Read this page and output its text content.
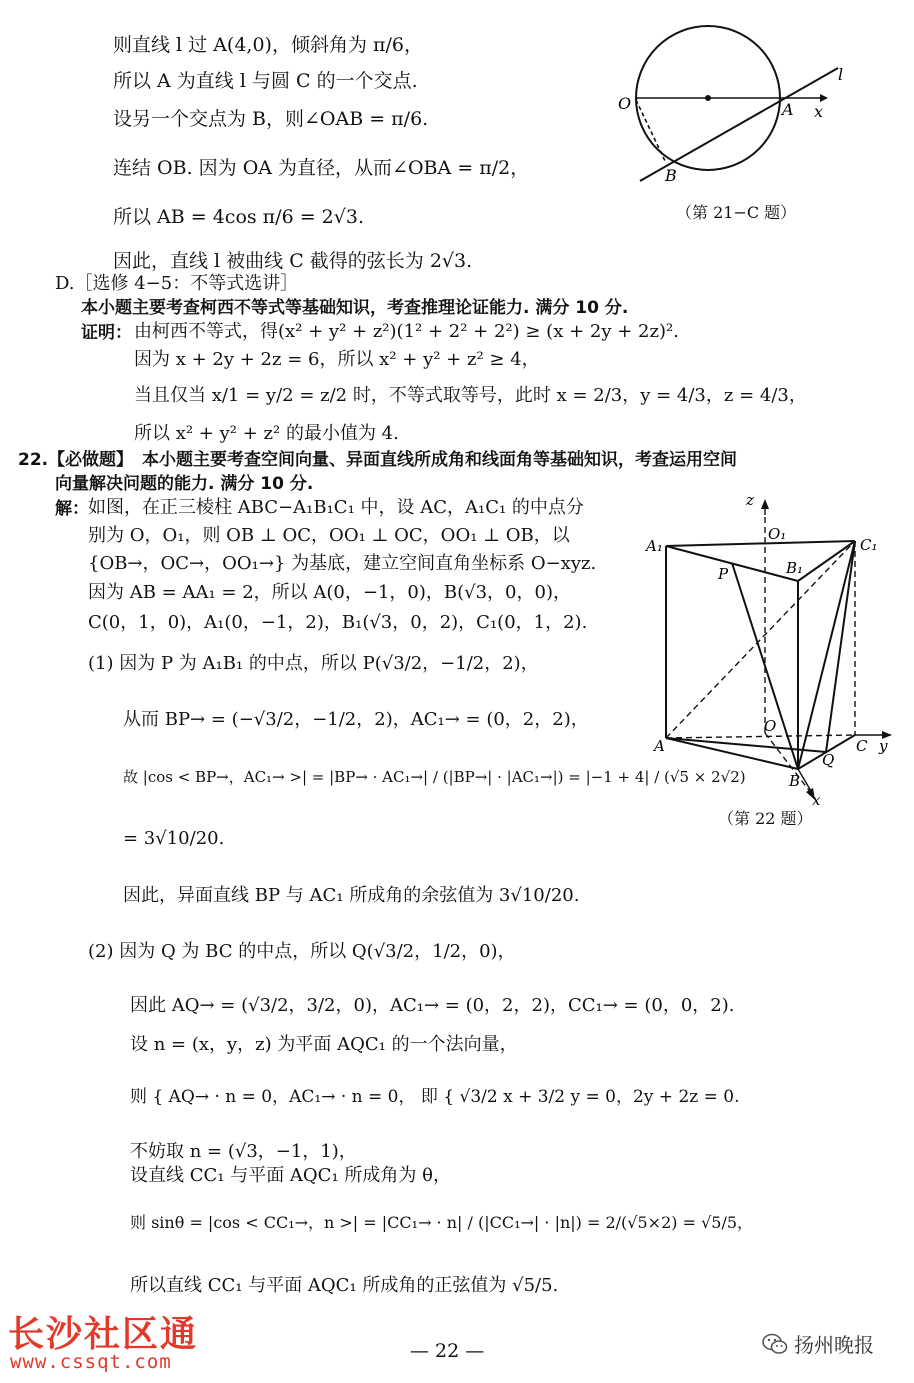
则直线 l 过 A(4,0)，倾斜角为 π/6，
所以 A 为直线 l 与圆 C 的一个交点.
设另一个交点为 B，则∠OAB = π/6.
连结 OB. 因为 OA 为直径，从而∠OBA = π/2，
所以 AB = 4cos π/6 = 2√3.
因此，直线 l 被曲线 C 截得的弦长为 2√3.
O	A
B
x
l
（第 21−C 题）
D.［选修 4−5：不等式选讲］
本小题主要考查柯西不等式等基础知识，考查推理论证能力. 满分 10 分.
证明： 由柯西不等式，得(x² + y² + z²)(1² + 2² + 2²) ≥ (x + 2y + 2z)².
因为 x + 2y + 2z = 6，所以 x² + y² + z² ≥ 4，
当且仅当 x/1 = y/2 = z/2 时，不等式取等号，此时 x = 2/3，y = 4/3，z = 4/3，
所以 x² + y² + z² 的最小值为 4.
22. 【必做题】 本小题主要考查空间向量、异面直线所成角和线面角等基础知识，考查运用空间
向量解决问题的能力. 满分 10 分.
解： 如图，在正三棱柱 ABC−A₁B₁C₁ 中，设 AC，A₁C₁ 的中点分
别为 O，O₁，则 OB ⊥ OC，OO₁ ⊥ OC，OO₁ ⊥ OB，以
{OB→，OC→，OO₁→} 为基底，建立空间直角坐标系 O−xyz.
因为 AB = AA₁ = 2，所以 A(0，−1，0)，B(√3，0，0)，
C(0，1，0)，A₁(0，−1，2)，B₁(√3，0，2)，C₁(0，1，2).
(1) 因为 P 为 A₁B₁ 的中点，所以 P(√3/2，−1/2，2)，
从而 BP→ = (−√3/2，−1/2，2)，AC₁→ = (0，2，2)，
故 |cos < BP→，AC₁→ >| = |BP→ · AC₁→| / (|BP→| · |AC₁→|) = |−1 + 4| / (√5 × 2√2)
= 3√10/20.
因此，异面直线 BP 与 AC₁ 所成角的余弦值为 3√10/20.
(2) 因为 Q 为 BC 的中点，所以 Q(√3/2，1/2，0)，
因此 AQ→ = (√3/2，3/2，0)，AC₁→ = (0，2，2)，CC₁→ = (0，0，2).
设 n = (x，y，z) 为平面 AQC₁ 的一个法向量，
则 { AQ→ · n = 0，AC₁→ · n = 0， 即 { √3/2 x + 3/2 y = 0，2y + 2z = 0.
不妨取 n = (√3，−1，1)，
设直线 CC₁ 与平面 AQC₁ 所成角为 θ，
则 sinθ = |cos < CC₁→，n >| = |CC₁→ · n| / (|CC₁→| · |n|) = 2/(√5×2) = √5/5，
所以直线 CC₁ 与平面 AQC₁ 所成角的正弦值为 √5/5.
z
O₁
A₁	C₁
B₁
P
O
A	C y
Q
B
x
（第 22 题）
— 22 —
长沙社区通
www.cssqt.com
扬州晚报
